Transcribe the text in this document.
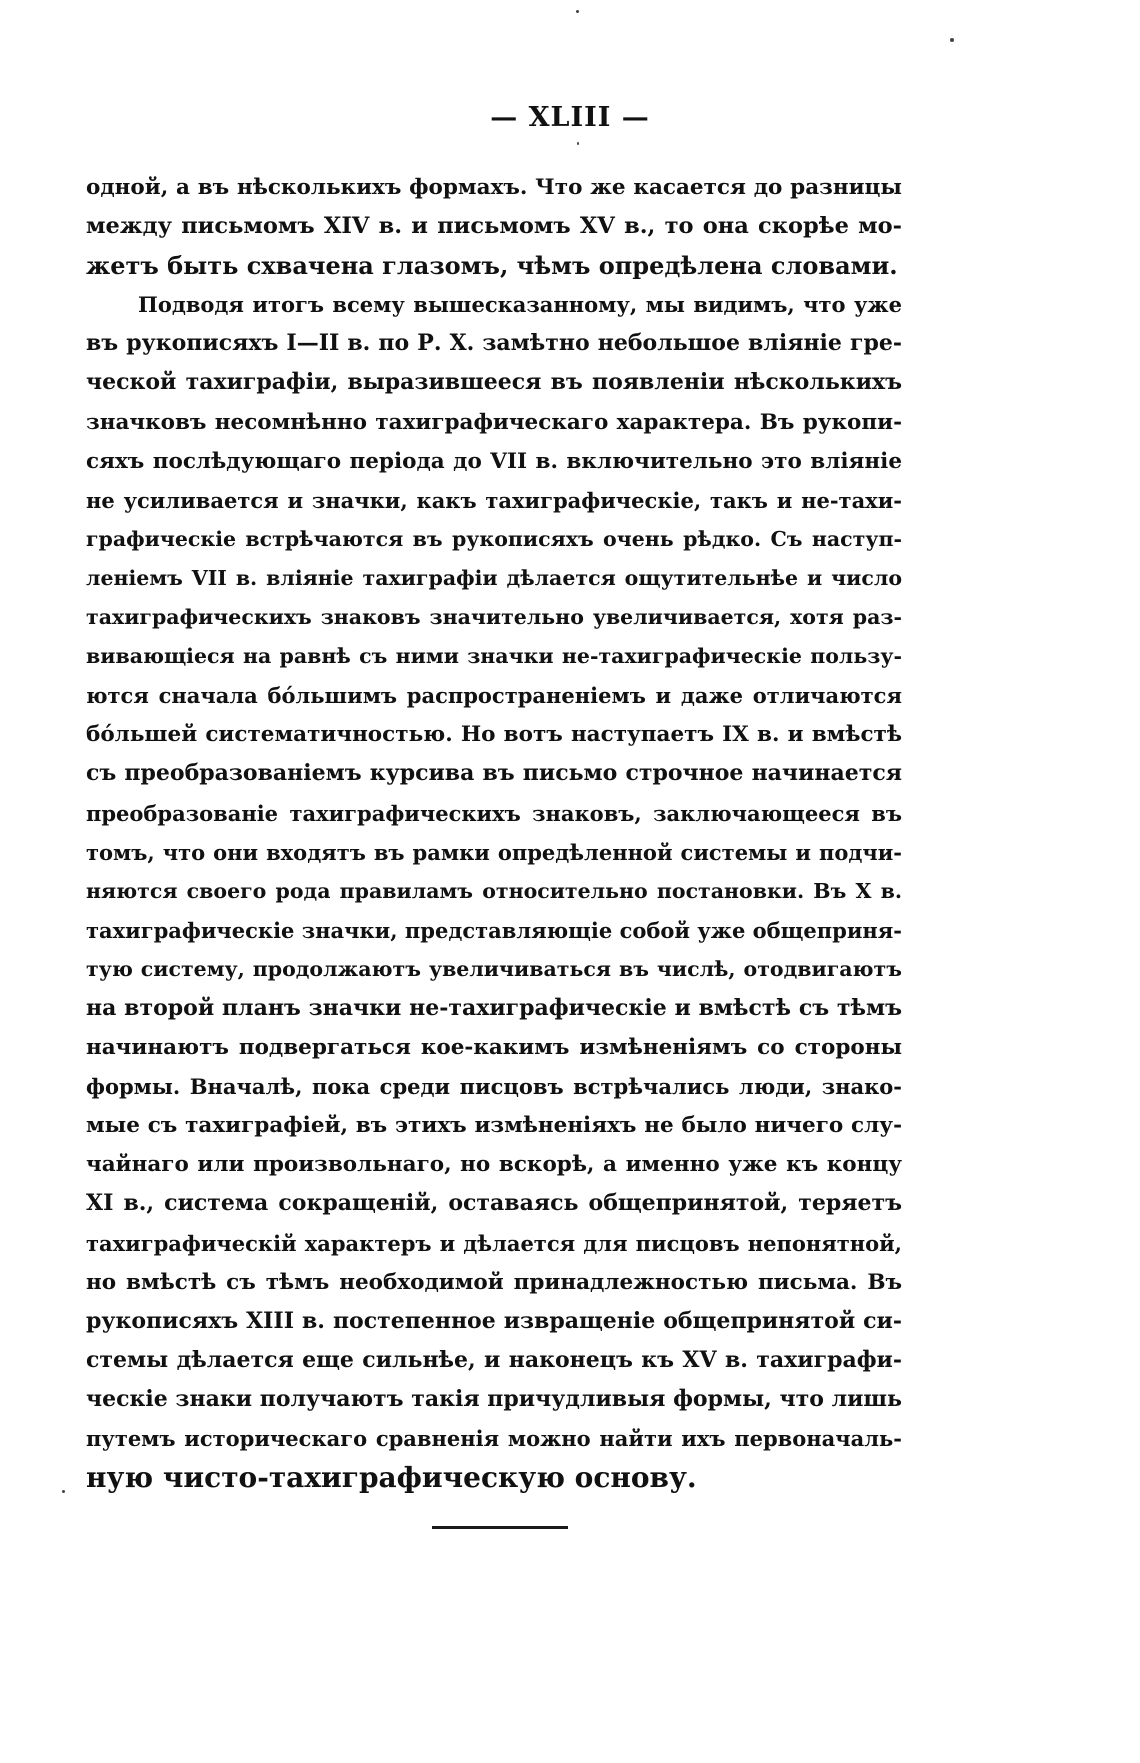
— XLIII —
одной, а въ нѣсколькихъ формахъ. Что же касается до разницы
между письмомъ XIV в. и письмомъ XV в., то она скорѣе мо-
жетъ быть схвачена глазомъ, чѣмъ опредѣлена словами.
Подводя итогъ всему вышесказанному, мы видимъ, что уже
въ рукописяхъ I—II в. по Р. Х. замѣтно небольшое вліяніе гре-
ческой тахиграфіи, выразившееся въ появленіи нѣсколькихъ
значковъ несомнѣнно тахиграфическаго характера. Въ рукопи-
сяхъ послѣдующаго періода до VII в. включительно это вліяніе
не усиливается и значки, какъ тахиграфическіе, такъ и не-тахи-
графическіе встрѣчаются въ рукописяхъ очень рѣдко. Съ наступ-
леніемъ VII в. вліяніе тахиграфіи дѣлается ощутительнѣе и число
тахиграфическихъ знаковъ значительно увеличивается, хотя раз-
вивающіеся на равнѣ съ ними значки не-тахиграфическіе пользу-
ются сначала бóльшимъ распространеніемъ и даже отличаются
бóльшей систематичностью. Но вотъ наступаетъ IX в. и вмѣстѣ
съ преобразованіемъ курсива въ письмо строчное начинается
преобразованіе тахиграфическихъ знаковъ, заключающееся въ
томъ, что они входятъ въ рамки опредѣленной системы и подчи-
няются своего рода правиламъ относительно постановки. Въ X в.
тахиграфическіе значки, представляющіе собой уже общеприня-
тую систему, продолжаютъ увеличиваться въ числѣ, отодвигаютъ
на второй планъ значки не-тахиграфическіе и вмѣстѣ съ тѣмъ
начинаютъ подвергаться кое-какимъ измѣненіямъ со стороны
формы. Вначалѣ, пока среди писцовъ встрѣчались люди, знако-
мые съ тахиграфіей, въ этихъ измѣненіяхъ не было ничего слу-
чайнаго или произвольнаго, но вскорѣ, а именно уже къ концу
XI в., система сокращеній, оставаясь общепринятой, теряетъ
тахиграфическій характеръ и дѣлается для писцовъ непонятной,
но вмѣстѣ съ тѣмъ необходимой принадлежностью письма. Въ
рукописяхъ XIII в. постепенное извращеніе общепринятой си-
стемы дѣлается еще сильнѣе, и наконецъ къ XV в. тахиграфи-
ческіе знаки получаютъ такія причудливыя формы, что лишь
путемъ историческаго сравненія можно найти ихъ первоначаль-
ную чисто-тахиграфическую основу.
